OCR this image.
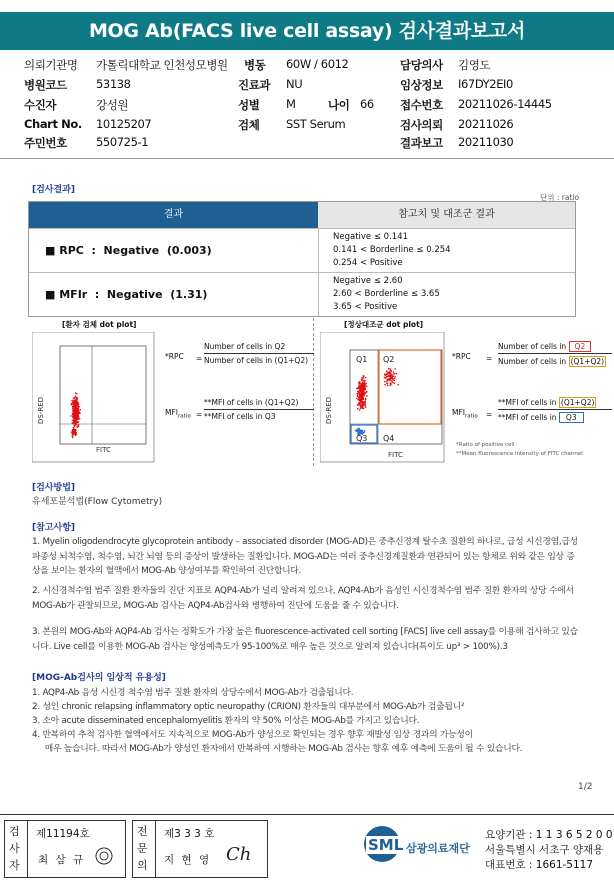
MOG Ab(FACS live cell assay) 검사결과보고서
의뢰기관명 가톨릭대학교 인천성모병원 병동 60W / 6012	담당의사 김영도
병원코드	53138	진료과 NU	임상정보 I67DY2EI0
수진자	강성원	성별 M	나이 66 접수번호 20211026-14445
Chart No. 10125207	검체 SST Serum	검사의뢰 20211026
주민번호	550725-1	결과보고 20211030
[검사결과]
단위 : ratio
결과	참고치 및 대조군 결과
■ RPC  :  Negative  (0.003)
Negative ≤ 0.141
0.141 < Borderline ≤ 0.254
0.254 < Positive
■ MFIr  :  Negative  (1.31)
Negative ≤ 2.60
2.60 < Borderline ≤ 3.65
3.65 < Positive
[환자 검체 dot plot]
DS-RED
FITC
*RPC =
Number of cells in Q2
Number of cells in (Q1+Q2)
$MFI_{ratio}$ =
**MFI of cells in (Q1+Q2)
**MFI of cells in Q3
[정상대조군 dot plot]
DS-RED
Q1 Q2
Q3 Q4
FITC
*RPC =
Number of cells in Q2
Number of cells in (Q1+Q2)
$MFI_{ratio}$ =
**MFI of cells in (Q1+Q2)
**MFI of cells in Q3
*Ratio of positive cell
**Mean fluorescence intensity of FITC channel
[검사방법]
유세포분석법(Flow Cytometry)
[참고사항]
1. Myelin oligodendrocyte glycoprotein antibody – associated disorder (MOG-AD)은 중추신경계 탈수초 질환의 하나로, 급성 시신경염,급성파종성 뇌척수염, 척수염, 뇌간 뇌염 등의 증상이 발생하는 질환입니다. MOG-AD는 여러 중추신경계질환과 연관되어 있는 항체로 위와 같은 임상 증상을 보이는 환자의 혈액에서 MOG-Ab 양성여부를 확인하여 진단합니다.
2. 시신경척수염 범주 질환 환자들의 진단 지표로 AQP4-Ab가 널리 알려져 있으나, AQP4-Ab가 음성인 시신경척수염 범주 질환 환자의 상당 수에서 MOG-Ab가 관찰되므로, MOG-Ab 검사는 AQP4-Ab검사와 병행하여 진단에 도움을 줄 수 있습니다.
3. 본원의 MOG-Ab와 AQP4-Ab 검사는 정확도가 가장 높은 fluorescence-activated cell sorting [FACS] live cell assay를 이용해 검사하고 있습니다. Live cell를 이용한 MOG-Ab 검사는 양성예측도가 95-100%로 매우 높은 것으로 알려져 있습니다(특이도 up³ > 100%).3
[MOG-Ab검사의 임상적 유용성]
1. AQP4-Ab 음성 시신경 척수염 범주 질환 환자의 상당수에서 MOG-Ab가 검출됩니다.
2. 성인 chronic relapsing inflammatory optic neuropathy (CRION) 환자들의 대부분에서 MOG-Ab가 검출됩니²
3. 소아 acute disseminated encephalomyelitis 환자의 약 50% 이상은 MOG-Ab를 가지고 있습니다.
4. 반복하여 추적 검사한 혈액에서도 지속적으로 MOG-Ab가 양성으로 확인되는 경우 향후 재발성 임상 경과의 가능성이
매우 높습니다. 따라서 MOG-Ab가 양성인 환자에서 반복하여 시행하는 MOG-Ab 검사는 향후 예후 예측에 도움이 될 수 있습니다.
1/2
검사자
제11194호
최 삼 규
전문의
제3 3 3 호
지 현 영 Ch	SML 삼광의료재단
요양기관 : 1 1 3 6 5 2 0 0
서울특별시 서초구 양재용
대표번호 : 1661-5117
